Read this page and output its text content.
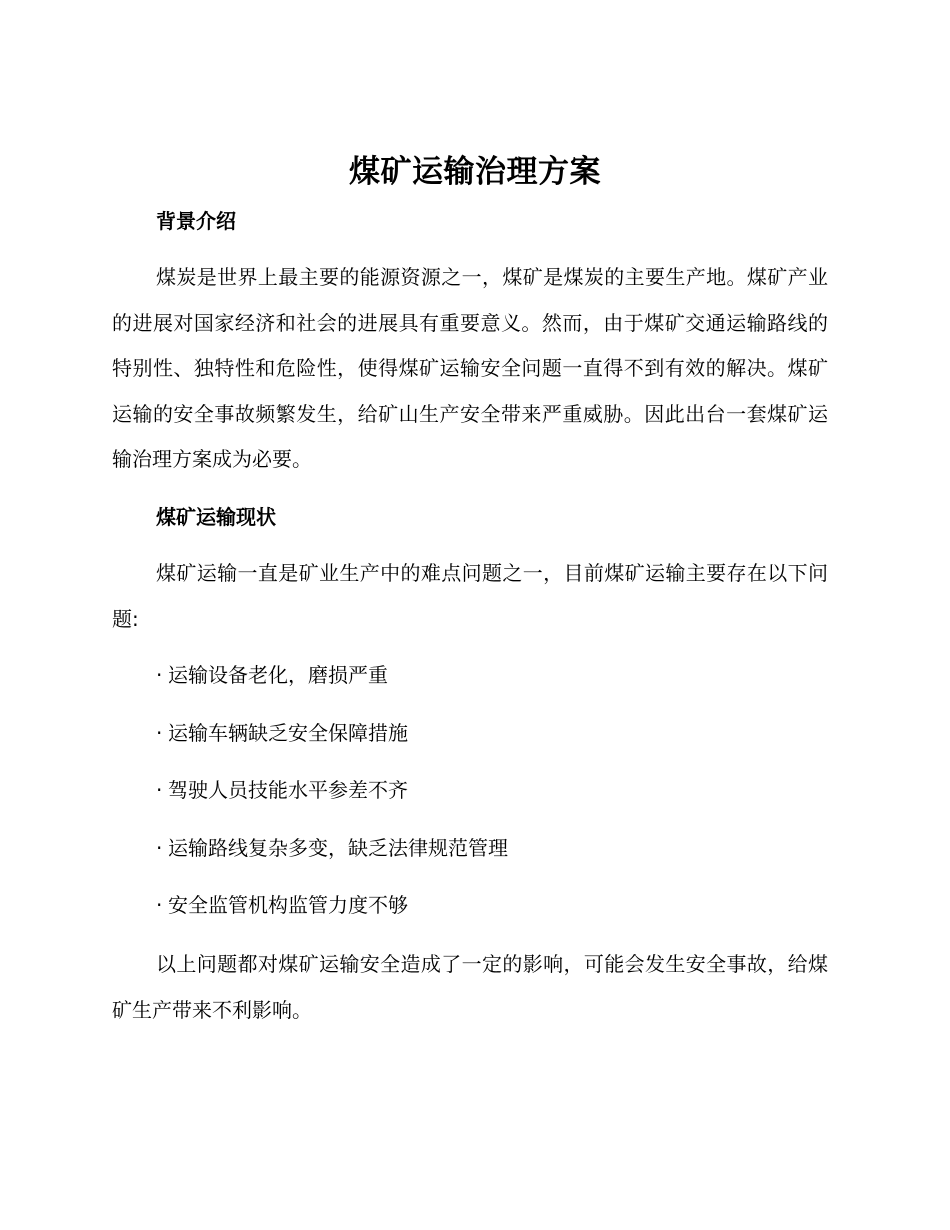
煤矿运输治理方案
背景介绍

煤炭是世界上最主要的能源资源之一，煤矿是煤炭的主要生产地。煤矿产业的进展对国家经济和社会的进展具有重要意义。然而，由于煤矿交通运输路线的特别性、独特性和危险性，使得煤矿运输安全问题一直得不到有效的解决。煤矿运输的安全事故频繁发生，给矿山生产安全带来严重威胁。因此出台一套煤矿运输治理方案成为必要。

煤矿运输现状

煤矿运输一直是矿业生产中的难点问题之一，目前煤矿运输主要存在以下问题:

· 运输设备老化，磨损严重
· 运输车辆缺乏安全保障措施
· 驾驶人员技能水平参差不齐
· 运输路线复杂多变，缺乏法律规范管理
· 安全监管机构监管力度不够

以上问题都对煤矿运输安全造成了一定的影响，可能会发生安全事故，给煤矿生产带来不利影响。
